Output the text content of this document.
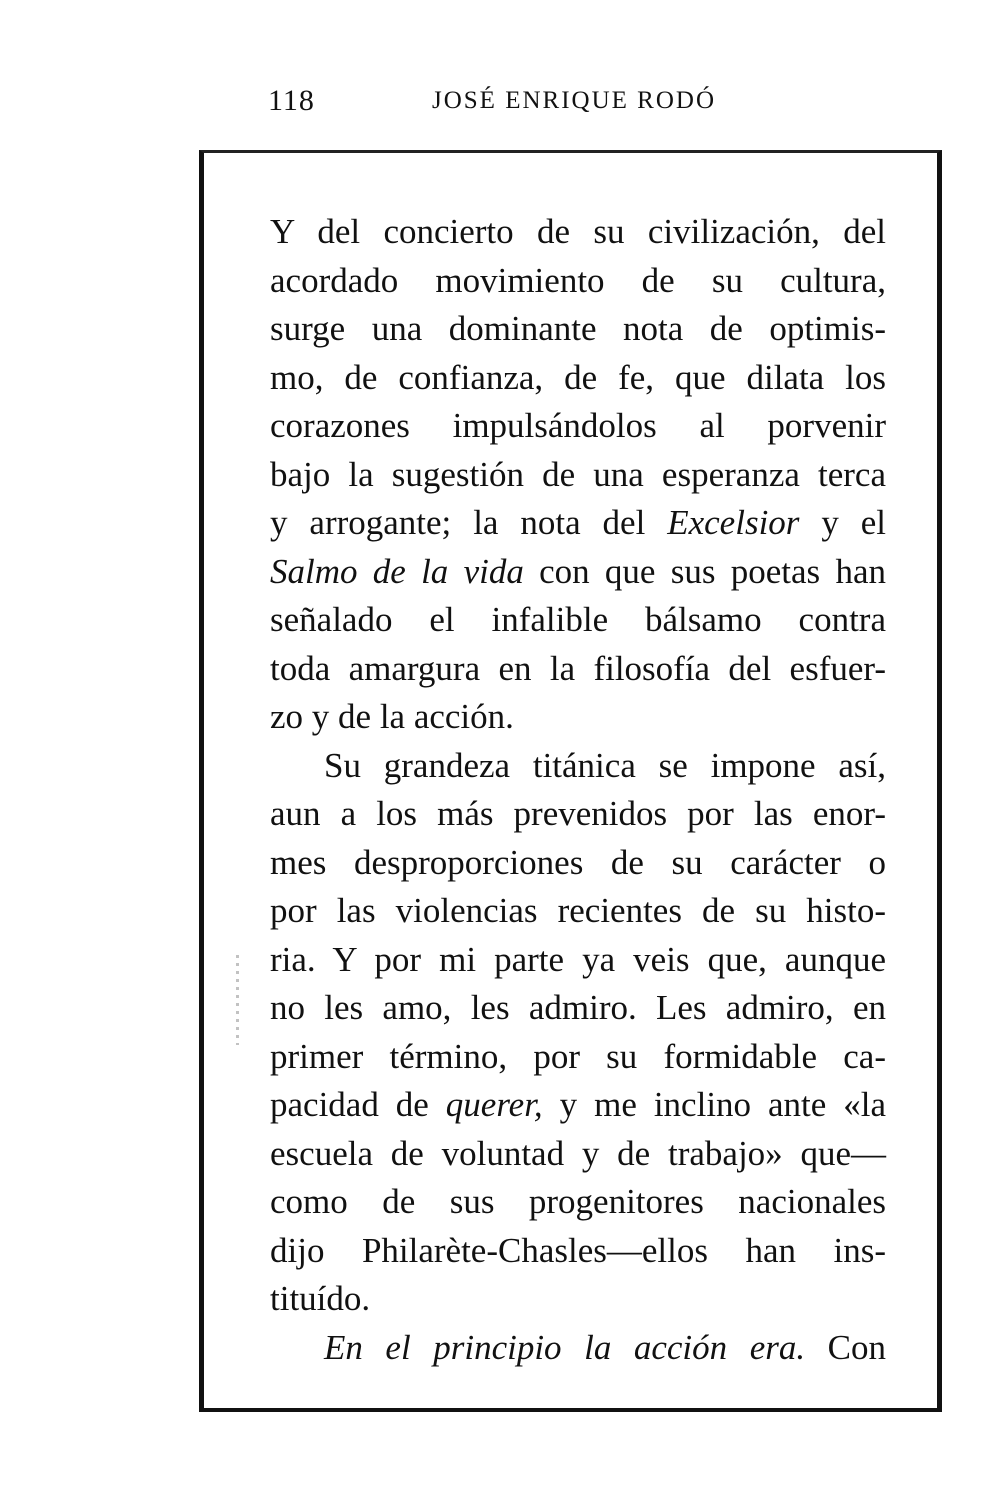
118	JOSÉ ENRIQUE RODÓ
Y del concierto de su civilización, del
acordado movimiento de su cultura,
surge una dominante nota de optimis-
mo, de confianza, de fe, que dilata los
corazones impulsándolos al porvenir
bajo la sugestión de una esperanza terca
y arrogante; la nota del Excelsior y el
Salmo de la vida con que sus poetas han
señalado el infalible bálsamo contra
toda amargura en la filosofía del esfuer-
zo y de la acción.
Su grandeza titánica se impone así,
aun a los más prevenidos por las enor-
mes desproporciones de su carácter o
por las violencias recientes de su histo-
ria. Y por mi parte ya veis que, aunque
no les amo, les admiro. Les admiro, en
primer término, por su formidable ca-
pacidad de querer, y me inclino ante «la
escuela de voluntad y de trabajo» que—
como de sus progenitores nacionales
dijo Philarète-Chasles—ellos han ins-
tituído.
En el principio la acción era. Con
